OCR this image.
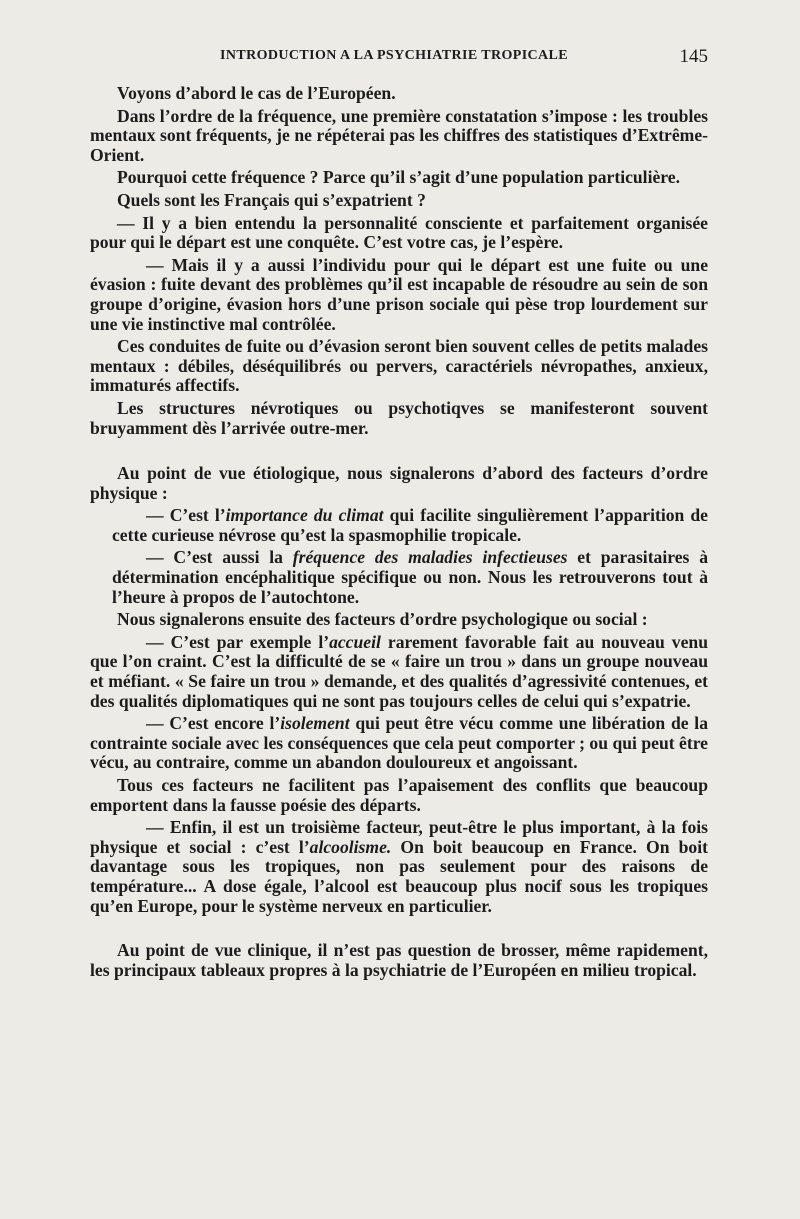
INTRODUCTION A LA PSYCHIATRIE TROPICALE	145

Voyons d’abord le cas de l’Européen.

Dans l’ordre de la fréquence, une première constatation s’impose : les troubles mentaux sont fréquents, je ne répéterai pas les chiffres des statistiques d’Extrême-Orient.

Pourquoi cette fréquence ? Parce qu’il s’agit d’une population particulière.

Quels sont les Français qui s’expatrient ?

— Il y a bien entendu la personnalité consciente et parfaitement organisée pour qui le départ est une conquête. C’est votre cas, je l’espère.

— Mais il y a aussi l’individu pour qui le départ est une fuite ou une évasion : fuite devant des problèmes qu’il est incapable de résoudre au sein de son groupe d’origine, évasion hors d’une prison sociale qui pèse trop lourdement sur une vie instinctive mal contrôlée.

Ces conduites de fuite ou d’évasion seront bien souvent celles de petits malades mentaux : débiles, déséquilibrés ou pervers, caractériels névropathes, anxieux, immaturés affectifs.

Les structures névrotiques ou psychotiqves se manifesteront souvent bruyamment dès l’arrivée outre-mer.

Au point de vue étiologique, nous signalerons d’abord des facteurs d’ordre physique :

— C’est l’importance du climat qui facilite singulièrement l’apparition de cette curieuse névrose qu’est la spasmophilie tropicale.

— C’est aussi la fréquence des maladies infectieuses et parasitaires à détermination encéphalitique spécifique ou non. Nous les retrouverons tout à l’heure à propos de l’autochtone.

Nous signalerons ensuite des facteurs d’ordre psychologique ou social :

— C’est par exemple l’accueil rarement favorable fait au nouveau venu que l’on craint. C’est la difficulté de se « faire un trou » dans un groupe nouveau et méfiant. « Se faire un trou » demande, et des qualités d’agressivité contenues, et des qualités diplomatiques qui ne sont pas toujours celles de celui qui s’expatrie.

— C’est encore l’isolement qui peut être vécu comme une libération de la contrainte sociale avec les conséquences que cela peut comporter ; ou qui peut être vécu, au contraire, comme un abandon douloureux et angoissant.

Tous ces facteurs ne facilitent pas l’apaisement des conflits que beaucoup emportent dans la fausse poésie des départs.

— Enfin, il est un troisième facteur, peut-être le plus important, à la fois physique et social : c’est l’alcoolisme. On boit beaucoup en France. On boit davantage sous les tropiques, non pas seulement pour des raisons de température... A dose égale, l’alcool est beaucoup plus nocif sous les tropiques qu’en Europe, pour le système nerveux en particulier.

Au point de vue clinique, il n’est pas question de brosser, même rapidement, les principaux tableaux propres à la psychiatrie de l’Européen en milieu tropical.
